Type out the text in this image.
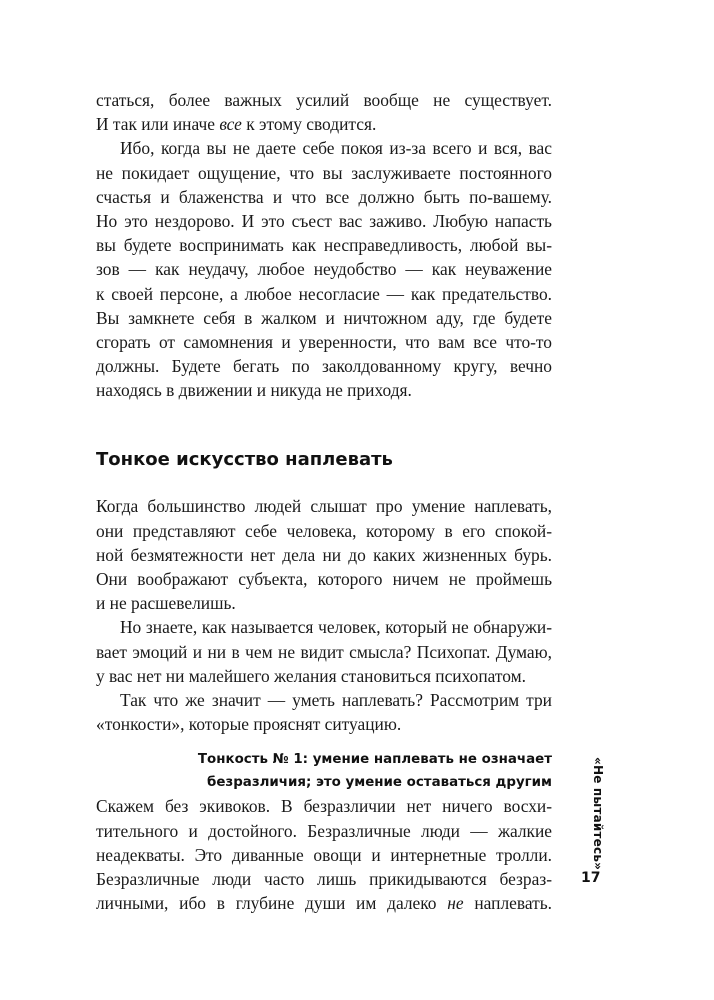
статься, более важных усилий вообще не существует.
И так или иначе все к этому сводится.
Ибо, когда вы не даете себе покоя из-за всего и вся, вас
не покидает ощущение, что вы заслуживаете постоянного
счастья и блаженства и что все должно быть по-вашему.
Но это нездорово. И это съест вас заживо. Любую напасть
вы будете воспринимать как несправедливость, любой вы-
зов — как неудачу, любое неудобство — как неуважение
к своей персоне, а любое несогласие — как предательство.
Вы замкнете себя в жалком и ничтожном аду, где будете
сгорать от самомнения и уверенности, что вам все что-то
должны. Будете бегать по заколдованному кругу, вечно
находясь в движении и никуда не приходя.
Тонкое искусство наплевать
Когда большинство людей слышат про умение наплевать,
они представляют себе человека, которому в его спокой-
ной безмятежности нет дела ни до каких жизненных бурь.
Они воображают субъекта, которого ничем не проймешь
и не расшевелишь.
Но знаете, как называется человек, который не обнаружи-
вает эмоций и ни в чем не видит смысла? Психопат. Думаю,
у вас нет ни малейшего желания становиться психопатом.
Так что же значит — уметь наплевать? Рассмотрим три
«тонкости», которые прояснят ситуацию.
Тонкость № 1: умение наплевать не означает
безразличия; это умение оставаться другим
Скажем без экивоков. В безразличии нет ничего восхи-
тительного и достойного. Безразличные люди — жалкие
неадекваты. Это диванные овощи и интернетные тролли.
Безразличные люди часто лишь прикидываются безраз-
личными, ибо в глубине души им далеко не наплевать.
«Не пытайтесь»
17
